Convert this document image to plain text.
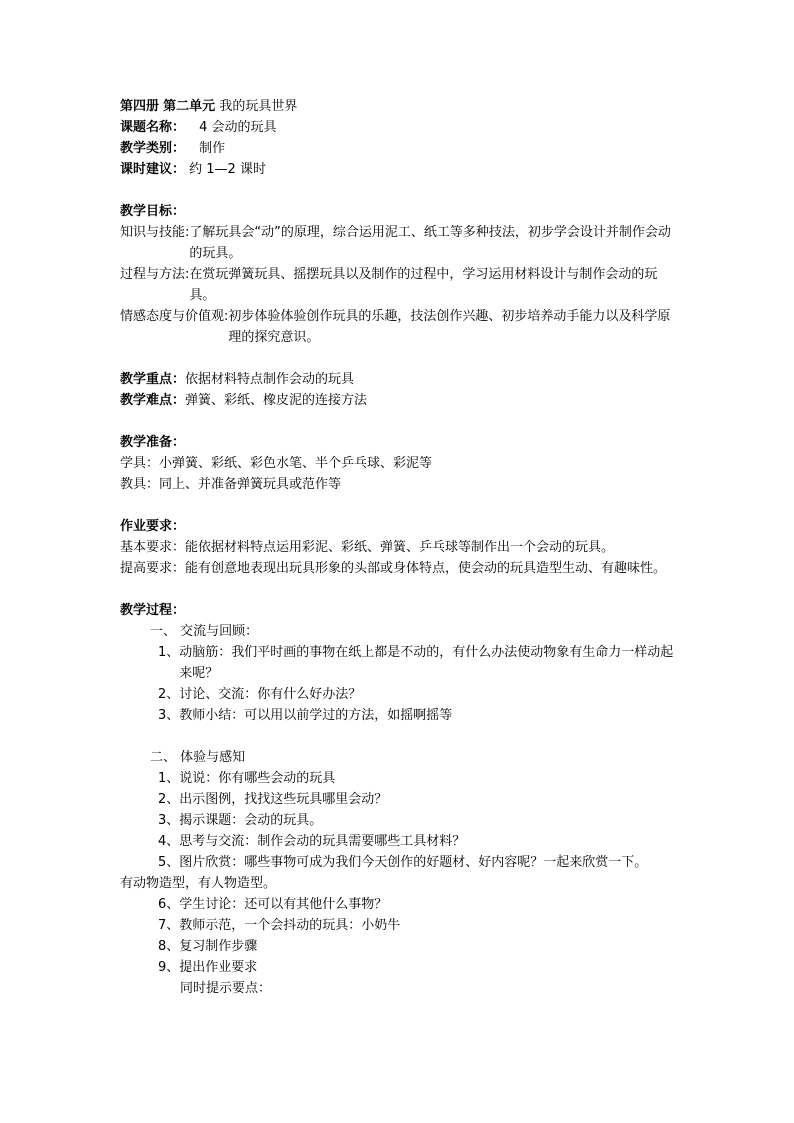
第四册 第二单元 我的玩具世界
课题名称： 4 会动的玩具
教学类别： 制作
课时建议： 约 1—2 课时
教学目标：
知识与技能: 了解玩具会“动”的原理，综合运用泥工、纸工等多种技法，初步学会设计并制作会动的玩具。
过程与方法: 在赏玩弹簧玩具、摇摆玩具以及制作的过程中，学习运用材料设计与制作会动的玩具。
情感态度与价值观: 初步体验体验创作玩具的乐趣，技法创作兴趣、初步培养动手能力以及科学原理的探究意识。
教学重点：依据材料特点制作会动的玩具
教学难点：弹簧、彩纸、橡皮泥的连接方法
教学准备：
学具：小弹簧、彩纸、彩色水笔、半个乒乓球、彩泥等
教具：同上、并准备弹簧玩具或范作等
作业要求：
基本要求： 能依据材料特点运用彩泥、彩纸、弹簧、乒乓球等制作出一个会动的玩具。
提高要求： 能有创意地表现出玩具形象的头部或身体特点，使会动的玩具造型生动、有趣味性。
教学过程：
一、 交流与回顾：
1、 动脑筋：我们平时画的事物在纸上都是不动的，有什么办法使动物象有生命力一样动起来呢？
2、 讨论、交流：你有什么好办法？
3、 教师小结：可以用以前学过的方法，如摇啊摇等
二、 体验与感知
1、说说：你有哪些会动的玩具
2、出示图例，找找这些玩具哪里会动？
3、揭示课题：会动的玩具。
4、思考与交流：制作会动的玩具需要哪些工具材料？
5、图片欣赏：哪些事物可成为我们今天创作的好题材、好内容呢？一起来欣赏一下。
有动物造型，有人物造型。
6、学生讨论：还可以有其他什么事物？
7、教师示范，一个会抖动的玩具：小奶牛
8、复习制作步骤
9、提出作业要求
同时提示要点：
